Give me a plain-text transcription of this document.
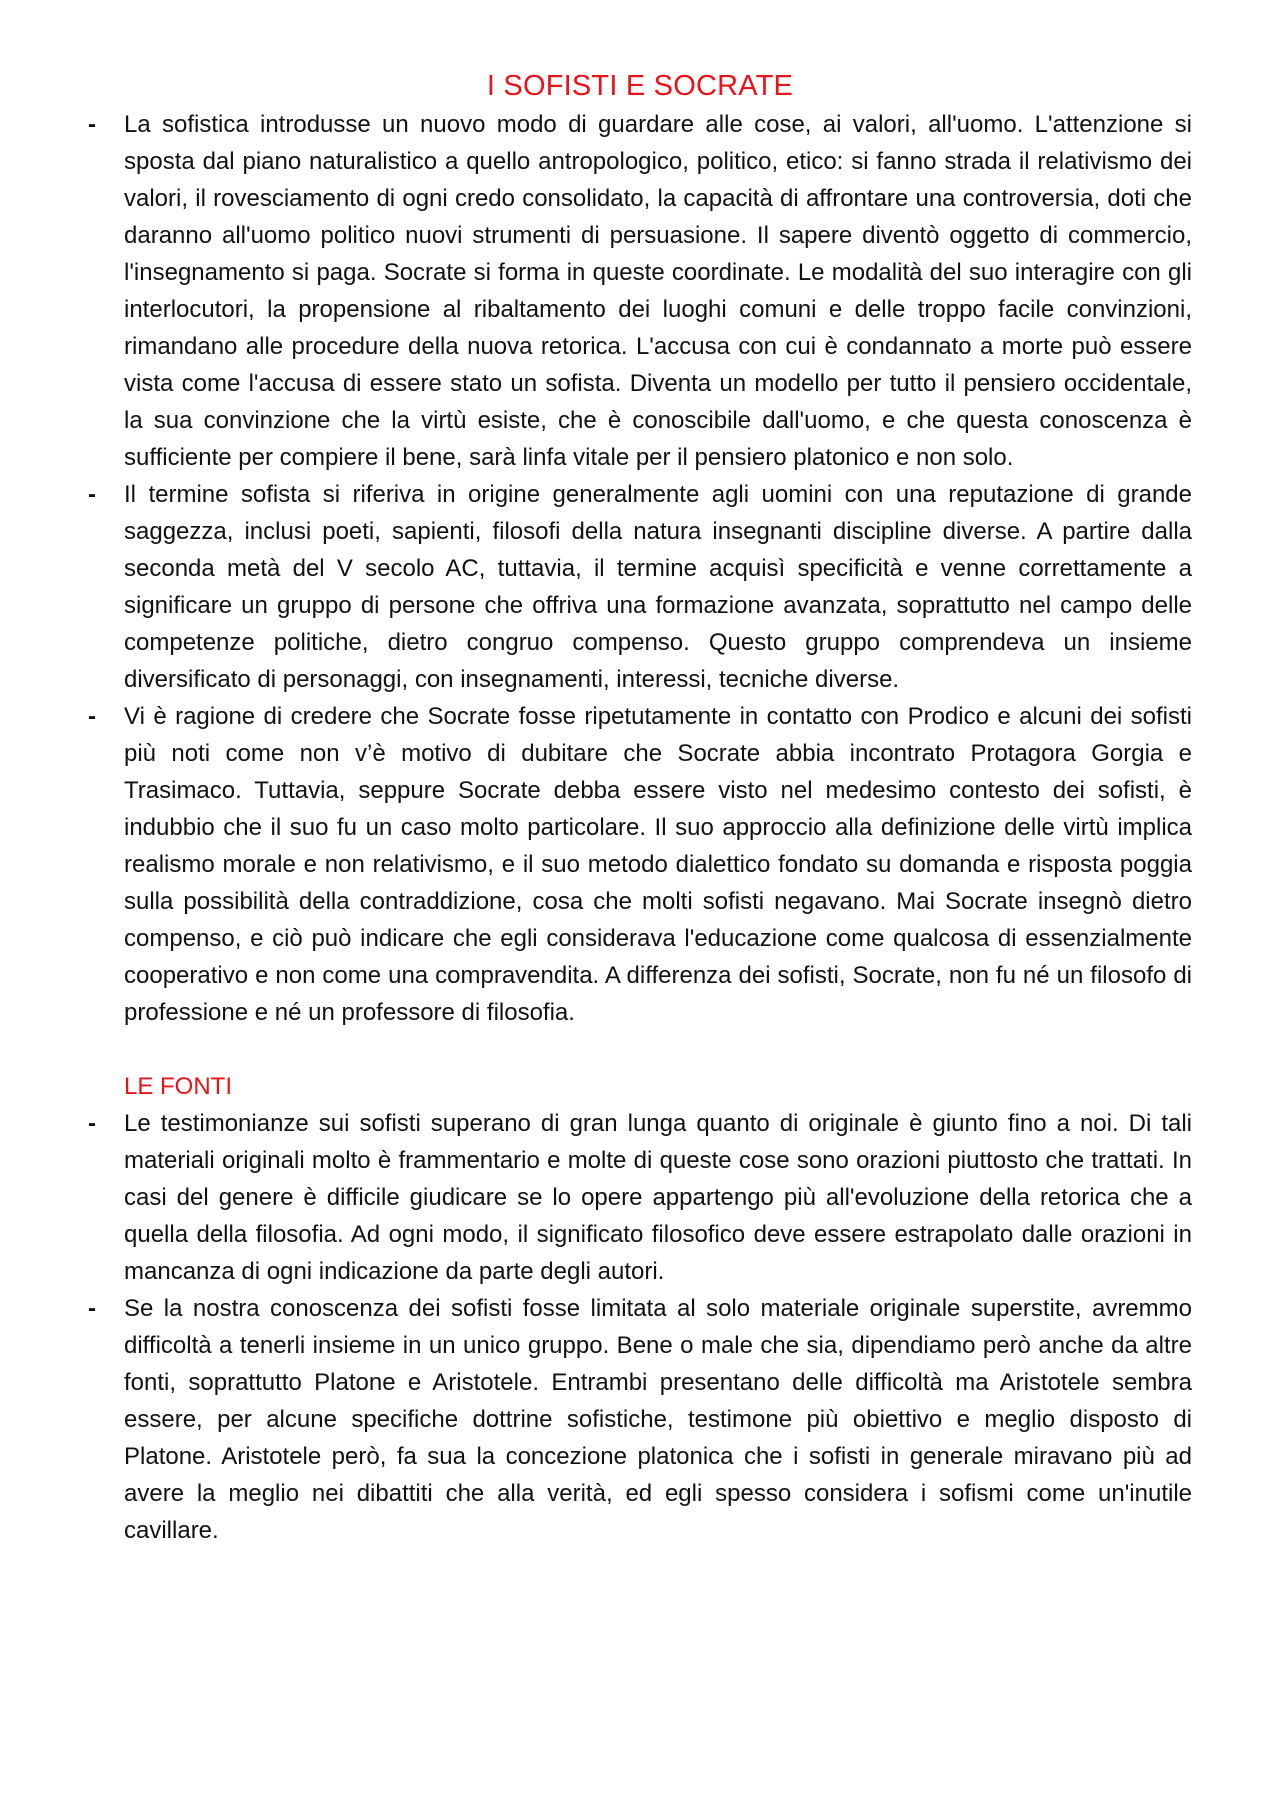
I SOFISTI E SOCRATE
- La sofistica introdusse un nuovo modo di guardare alle cose, ai valori, all'uomo. L'attenzione si sposta dal piano naturalistico a quello antropologico, politico, etico: si fanno strada il relativismo dei valori, il rovesciamento di ogni credo consolidato, la capacità di affrontare una controversia, doti che daranno all'uomo politico nuovi strumenti di persuasione. Il sapere diventò oggetto di commercio, l'insegnamento si paga. Socrate si forma in queste coordinate. Le modalità del suo interagire con gli interlocutori, la propensione al ribaltamento dei luoghi comuni e delle troppo facile convinzioni, rimandano alle procedure della nuova retorica. L'accusa con cui è condannato a morte può essere vista come l'accusa di essere stato un sofista. Diventa un modello per tutto il pensiero occidentale, la sua convinzione che la virtù esiste, che è conoscibile dall'uomo, e che questa conoscenza è sufficiente per compiere il bene, sarà linfa vitale per il pensiero platonico e non solo.
- Il termine sofista si riferiva in origine generalmente agli uomini con una reputazione di grande saggezza, inclusi poeti, sapienti, filosofi della natura insegnanti discipline diverse. A partire dalla seconda metà del V secolo AC, tuttavia, il termine acquisì specificità e venne correttamente a significare un gruppo di persone che offriva una formazione avanzata, soprattutto nel campo delle competenze politiche, dietro congruo compenso. Questo gruppo comprendeva un insieme diversificato di personaggi, con insegnamenti, interessi, tecniche diverse.
- Vi è ragione di credere che Socrate fosse ripetutamente in contatto con Prodico e alcuni dei sofisti più noti come non v’è motivo di dubitare che Socrate abbia incontrato Protagora Gorgia e Trasimaco. Tuttavia, seppure Socrate debba essere visto nel medesimo contesto dei sofisti, è indubbio che il suo fu un caso molto particolare. Il suo approccio alla definizione delle virtù implica realismo morale e non relativismo, e il suo metodo dialettico fondato su domanda e risposta poggia sulla possibilità della contraddizione, cosa che molti sofisti negavano. Mai Socrate insegnò dietro compenso, e ciò può indicare che egli considerava l'educazione come qualcosa di essenzialmente cooperativo e non come una compravendita. A differenza dei sofisti, Socrate, non fu né un filosofo di professione e né un professore di filosofia.
LE FONTI
- Le testimonianze sui sofisti superano di gran lunga quanto di originale è giunto fino a noi. Di tali materiali originali molto è frammentario e molte di queste cose sono orazioni piuttosto che trattati. In casi del genere è difficile giudicare se lo opere appartengo più all'evoluzione della retorica che a quella della filosofia. Ad ogni modo, il significato filosofico deve essere estrapolato dalle orazioni in mancanza di ogni indicazione da parte degli autori.
- Se la nostra conoscenza dei sofisti fosse limitata al solo materiale originale superstite, avremmo difficoltà a tenerli insieme in un unico gruppo. Bene o male che sia, dipendiamo però anche da altre fonti, soprattutto Platone e Aristotele. Entrambi presentano delle difficoltà ma Aristotele sembra essere, per alcune specifiche dottrine sofistiche, testimone più obiettivo e meglio disposto di Platone. Aristotele però, fa sua la concezione platonica che i sofisti in generale miravano più ad avere la meglio nei dibattiti che alla verità, ed egli spesso considera i sofismi come un'inutile cavillare.
